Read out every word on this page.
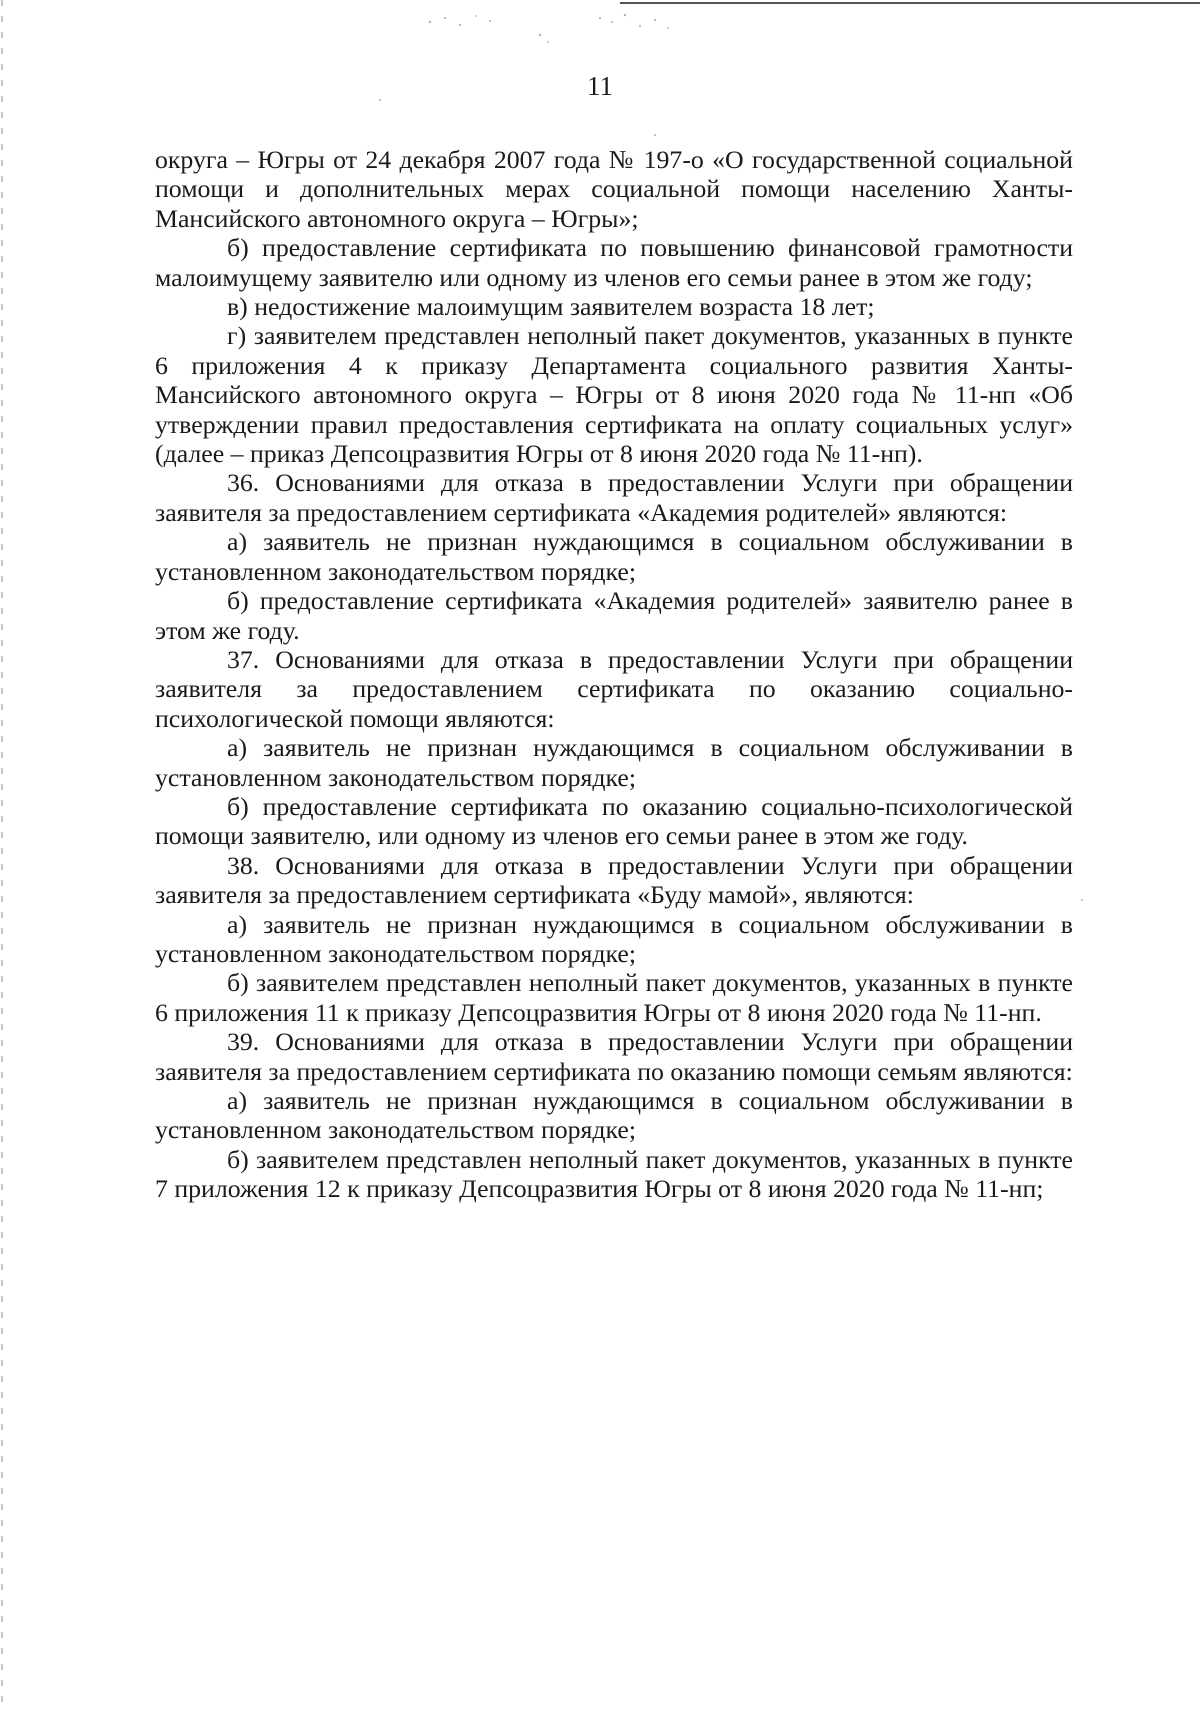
11

округа – Югры от 24 декабря 2007 года № 197-о «О государственной социальной помощи и дополнительных мерах социальной помощи населению Ханты-Мансийского автономного округа – Югры»;

б) предоставление сертификата по повышению финансовой грамотности малоимущему заявителю или одному из членов его семьи ранее в этом же году;

в) недостижение малоимущим заявителем возраста 18 лет;

г) заявителем представлен неполный пакет документов, указанных в пункте 6 приложения 4 к приказу Департамента социального развития Ханты-Мансийского автономного округа – Югры от 8 июня 2020 года № 11-нп «Об утверждении правил предоставления сертификата на оплату социальных услуг» (далее – приказ Депсоцразвития Югры от 8 июня 2020 года № 11-нп).

36. Основаниями для отказа в предоставлении Услуги при обращении заявителя за предоставлением сертификата «Академия родителей» являются:

а) заявитель не признан нуждающимся в социальном обслуживании в установленном законодательством порядке;

б) предоставление сертификата «Академия родителей» заявителю ранее в этом же году.

37. Основаниями для отказа в предоставлении Услуги при обращении заявителя за предоставлением сертификата по оказанию социально-психологической помощи являются:

а) заявитель не признан нуждающимся в социальном обслуживании в установленном законодательством порядке;

б) предоставление сертификата по оказанию социально-психологической помощи заявителю, или одному из членов его семьи ранее в этом же году.

38. Основаниями для отказа в предоставлении Услуги при обращении заявителя за предоставлением сертификата «Буду мамой», являются:

а) заявитель не признан нуждающимся в социальном обслуживании в установленном законодательством порядке;

б) заявителем представлен неполный пакет документов, указанных в пункте 6 приложения 11 к приказу Депсоцразвития Югры от 8 июня 2020 года № 11-нп.

39. Основаниями для отказа в предоставлении Услуги при обращении заявителя за предоставлением сертификата по оказанию помощи семьям являются:

а) заявитель не признан нуждающимся в социальном обслуживании в установленном законодательством порядке;

б) заявителем представлен неполный пакет документов, указанных в пункте 7 приложения 12 к приказу Депсоцразвития Югры от 8 июня 2020 года № 11-нп;
